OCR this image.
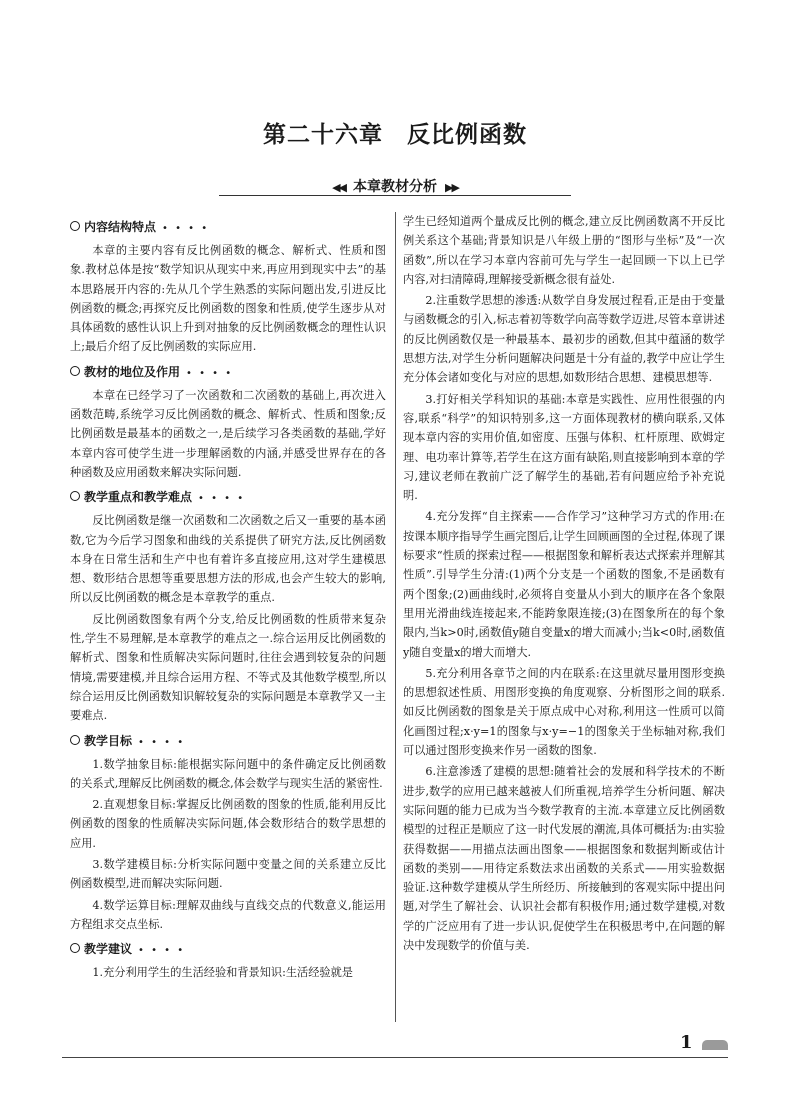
第二十六章 反比例函数
◀◀ 本章教材分析 ▶▶
内容结构特点 • • • •

本章的主要内容有反比例函数的概念、解析式、性质和图象.教材总体是按“数学知识从现实中来,再应用到现实中去”的基本思路展开内容的:先从几个学生熟悉的实际问题出发,引进反比例函数的概念;再探究反比例函数的图象和性质,使学生逐步从对具体函数的感性认识上升到对抽象的反比例函数概念的理性认识上;最后介绍了反比例函数的实际应用.

教材的地位及作用 • • • •

本章在已经学习了一次函数和二次函数的基础上,再次进入函数范畴,系统学习反比例函数的概念、解析式、性质和图象;反比例函数是最基本的函数之一,是后续学习各类函数的基础,学好本章内容可使学生进一步理解函数的内涵,并感受世界存在的各种函数及应用函数来解决实际问题.

教学重点和教学难点 • • • •

反比例函数是继一次函数和二次函数之后又一重要的基本函数,它为今后学习图象和曲线的关系提供了研究方法,反比例函数本身在日常生活和生产中也有着许多直接应用,这对学生建模思想、数形结合思想等重要思想方法的形成,也会产生较大的影响,所以反比例函数的概念是本章教学的重点.

反比例函数图象有两个分支,给反比例函数的性质带来复杂性,学生不易理解,是本章教学的难点之一.综合运用反比例函数的解析式、图象和性质解决实际问题时,往往会遇到较复杂的问题情境,需要建模,并且综合运用方程、不等式及其他数学模型,所以综合运用反比例函数知识解较复杂的实际问题是本章教学又一主要难点.

教学目标 • • • •

1.数学抽象目标:能根据实际问题中的条件确定反比例函数的关系式,理解反比例函数的概念,体会数学与现实生活的紧密性.

2.直观想象目标:掌握反比例函数的图象的性质,能利用反比例函数的图象的性质解决实际问题,体会数形结合的数学思想的应用.

3.数学建模目标:分析实际问题中变量之间的关系建立反比例函数模型,进而解决实际问题.

4.数学运算目标:理解双曲线与直线交点的代数意义,能运用方程组求交点坐标.

教学建议 • • • •

1.充分利用学生的生活经验和背景知识:生活经验就是

学生已经知道两个量成反比例的概念,建立反比例函数离不开反比例关系这个基础;背景知识是八年级上册的“图形与坐标”及“一次函数”,所以在学习本章内容前可先与学生一起回顾一下以上已学内容,对扫清障碍,理解接受新概念很有益处.

2.注重数学思想的渗透:从数学自身发展过程看,正是由于变量与函数概念的引入,标志着初等数学向高等数学迈进,尽管本章讲述的反比例函数仅是一种最基本、最初步的函数,但其中蕴涵的数学思想方法,对学生分析问题解决问题是十分有益的,教学中应让学生充分体会诸如变化与对应的思想,如数形结合思想、建模思想等.

3.打好相关学科知识的基础:本章是实践性、应用性很强的内容,联系“科学”的知识特别多,这一方面体现教材的横向联系,又体现本章内容的实用价值,如密度、压强与体积、杠杆原理、欧姆定理、电功率计算等,若学生在这方面有缺陷,则直接影响到本章的学习,建议老师在教前广泛了解学生的基础,若有问题应给予补充说明.

4.充分发挥“自主探索——合作学习”这种学习方式的作用:在按课本顺序指导学生画完图后,让学生回顾画图的全过程,体现了课标要求“性质的探索过程——根据图象和解析表达式探索并理解其性质”.引导学生分清:(1)两个分支是一个函数的图象,不是函数有两个图象;(2)画曲线时,必须将自变量从小到大的顺序在各个象限里用光滑曲线连接起来,不能跨象限连接;(3)在图象所在的每个象限内,当k>0时,函数值y随自变量x的增大而减小;当k<0时,函数值y随自变量x的增大而增大.

5.充分利用各章节之间的内在联系:在这里就尽量用图形变换的思想叙述性质、用图形变换的角度观察、分析图形之间的联系.如反比例函数的图象是关于原点成中心对称,利用这一性质可以简化画图过程;x·y=1的图象与x·y=−1的图象关于坐标轴对称,我们可以通过图形变换来作另一函数的图象.

6.注意渗透了建模的思想:随着社会的发展和科学技术的不断进步,数学的应用已越来越被人们所重视,培养学生分析问题、解决实际问题的能力已成为当今数学教育的主流.本章建立反比例函数模型的过程正是顺应了这一时代发展的潮流,具体可概括为:由实验获得数据——用描点法画出图象——根据图象和数据判断或估计函数的类别——用待定系数法求出函数的关系式——用实验数据验证.这种数学建模从学生所经历、所接触到的客观实际中提出问题,对学生了解社会、认识社会都有积极作用;通过数学建模,对数学的广泛应用有了进一步认识,促使学生在积极思考中,在问题的解决中发现数学的价值与美.

1
